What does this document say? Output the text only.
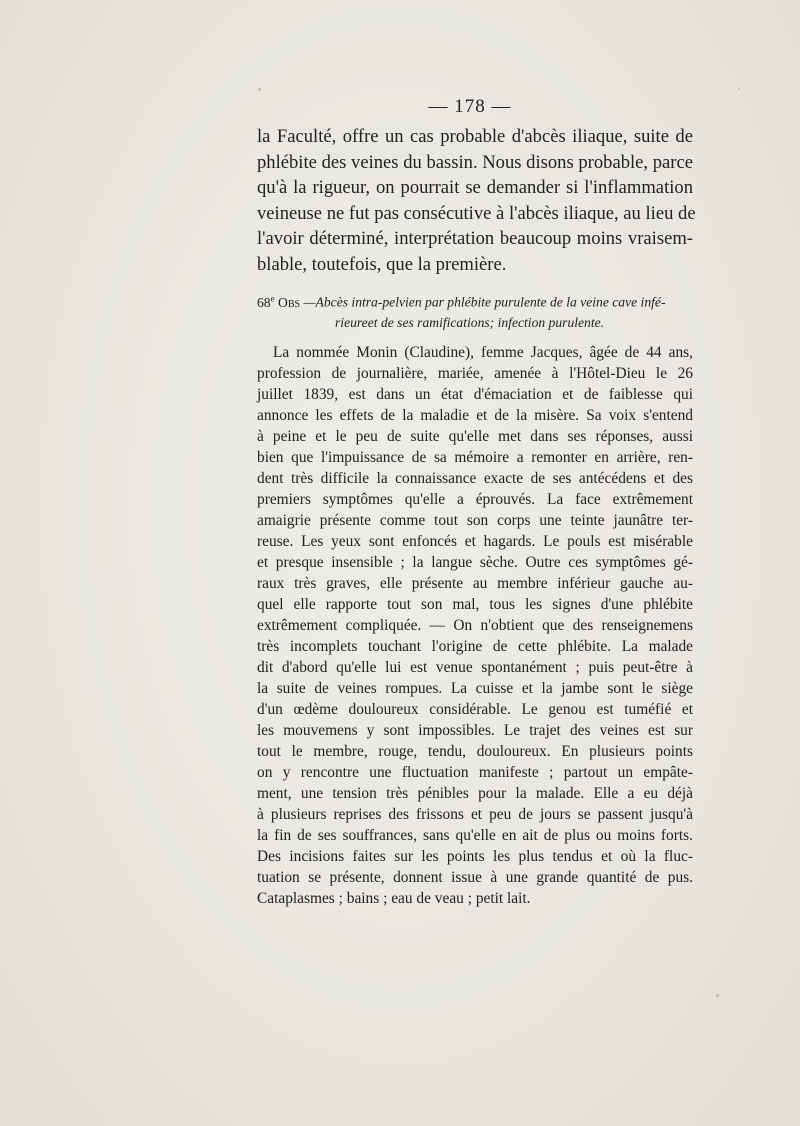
— 178 —
la Faculté, offre un cas probable d'abcès iliaque, suite de
phlébite des veines du bassin. Nous disons probable, parce
qu'à la rigueur, on pourrait se demander si l'inflammation
veineuse ne fut pas consécutive à l'abcès iliaque, au lieu de
l'avoir déterminé, interprétation beaucoup moins vraisem-
blable, toutefois, que la première.
68e Obs —Abcès intra-pelvien par phlébite purulente de la veine cave infé-
rieureet de ses ramifications; infection purulente.
La nommée Monin (Claudine), femme Jacques, âgée de 44 ans,
profession de journalière, mariée, amenée à l'Hôtel-Dieu le 26
juillet 1839, est dans un état d'émaciation et de faiblesse qui
annonce les effets de la maladie et de la misère. Sa voix s'entend
à peine et le peu de suite qu'elle met dans ses réponses, aussi
bien que l'impuissance de sa mémoire a remonter en arrière, ren-
dent très difficile la connaissance exacte de ses antécédens et des
premiers symptômes qu'elle a éprouvés. La face extrêmement
amaigrie présente comme tout son corps une teinte jaunâtre ter-
reuse. Les yeux sont enfoncés et hagards. Le pouls est misérable
et presque insensible ; la langue sèche. Outre ces symptômes gé-
raux très graves, elle présente au membre inférieur gauche au-
quel elle rapporte tout son mal, tous les signes d'une phlébite
extrêmement compliquée. — On n'obtient que des renseignemens
très incomplets touchant l'origine de cette phlébite. La malade
dit d'abord qu'elle lui est venue spontanément ; puis peut-être à
la suite de veines rompues. La cuisse et la jambe sont le siège
d'un œdème douloureux considérable. Le genou est tuméfié et
les mouvemens y sont impossibles. Le trajet des veines est sur
tout le membre, rouge, tendu, douloureux. En plusieurs points
on y rencontre une fluctuation manifeste ; partout un empâte-
ment, une tension très pénibles pour la malade. Elle a eu déjà
à plusieurs reprises des frissons et peu de jours se passent jusqu'à
la fin de ses souffrances, sans qu'elle en ait de plus ou moins forts.
Des incisions faites sur les points les plus tendus et où la fluc-
tuation se présente, donnent issue à une grande quantité de pus.
Cataplasmes ; bains ; eau de veau ; petit lait.
